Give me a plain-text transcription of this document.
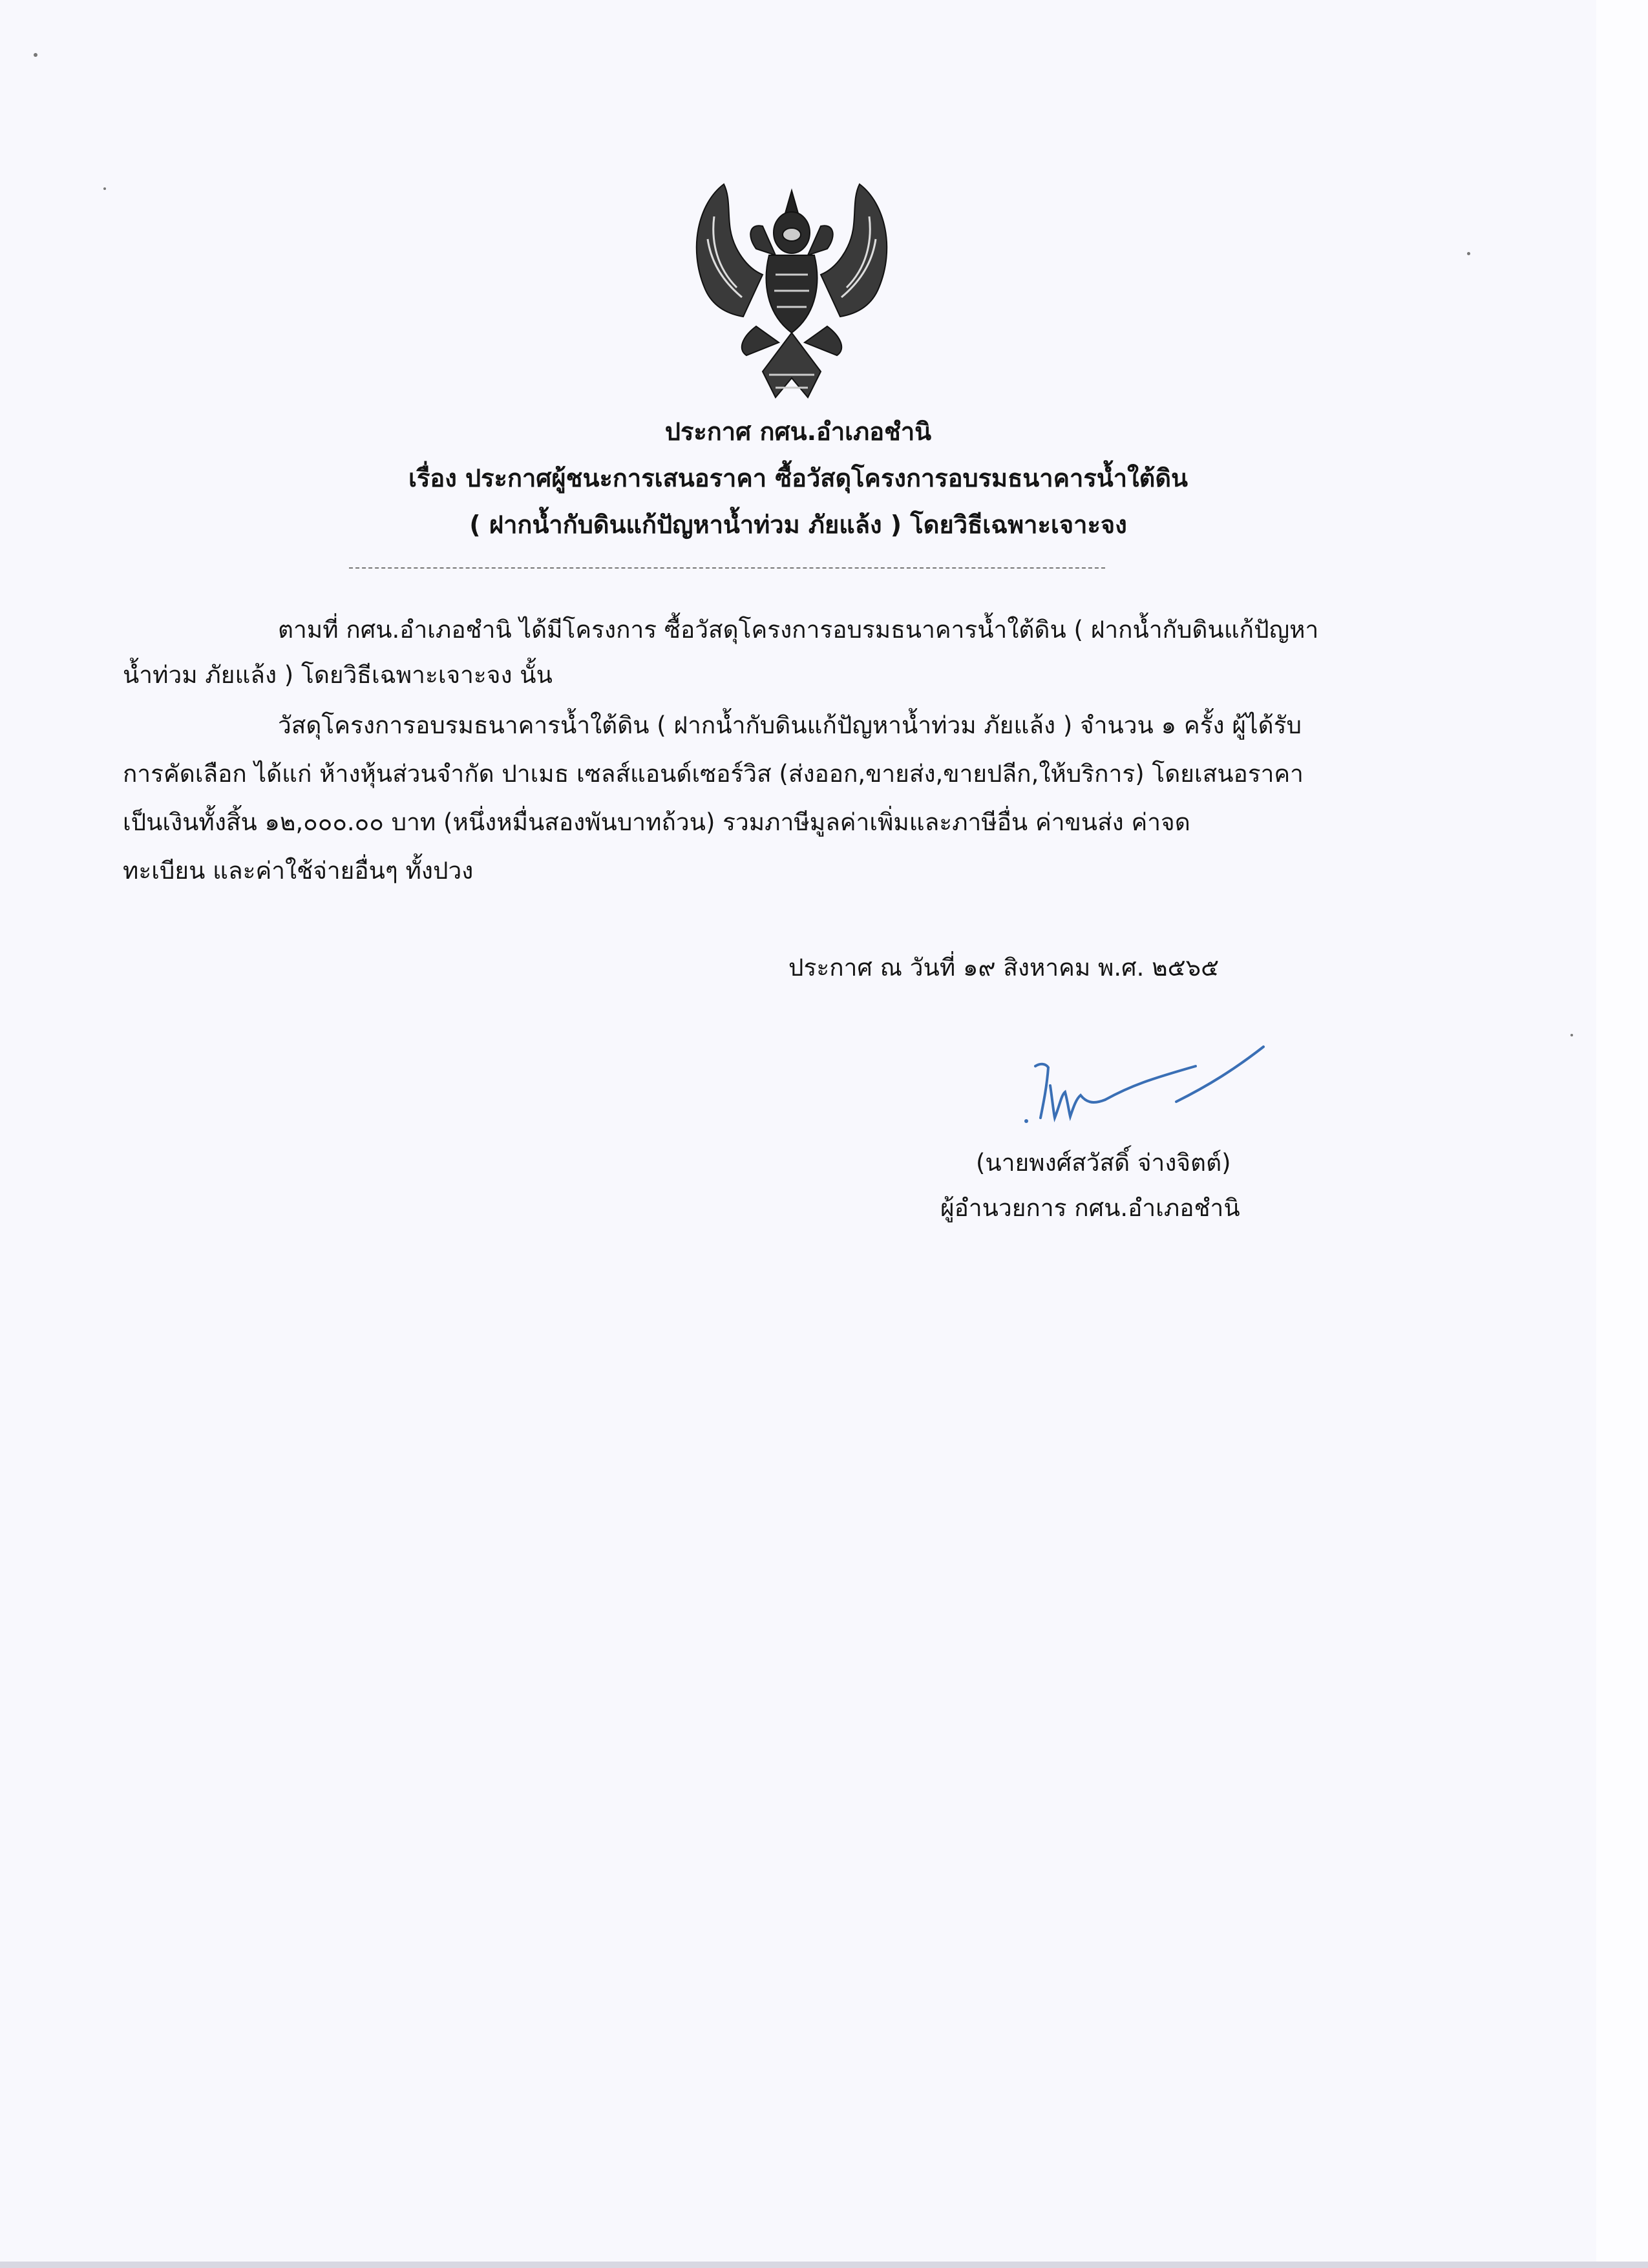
ประกาศ กศน.อำเภอชำนิ
เรื่อง ประกาศผู้ชนะการเสนอราคา ซื้อวัสดุโครงการอบรมธนาคารน้ำใต้ดิน
( ฝากน้ำกับดินแก้ปัญหาน้ำท่วม ภัยแล้ง ) โดยวิธีเฉพาะเจาะจง
ตามที่ กศน.อำเภอชำนิ ได้มีโครงการ ซื้อวัสดุโครงการอบรมธนาคารน้ำใต้ดิน ( ฝากน้ำกับดินแก้ปัญหา
น้ำท่วม ภัยแล้ง ) โดยวิธีเฉพาะเจาะจง นั้น
วัสดุโครงการอบรมธนาคารน้ำใต้ดิน ( ฝากน้ำกับดินแก้ปัญหาน้ำท่วม ภัยแล้ง ) จำนวน ๑ ครั้ง ผู้ได้รับ
การคัดเลือก ได้แก่ ห้างหุ้นส่วนจำกัด ปาเมธ เซลส์แอนด์เซอร์วิส (ส่งออก,ขายส่ง,ขายปลีก,ให้บริการ) โดยเสนอราคา
เป็นเงินทั้งสิ้น ๑๒,๐๐๐.๐๐ บาท (หนึ่งหมื่นสองพันบาทถ้วน) รวมภาษีมูลค่าเพิ่มและภาษีอื่น ค่าขนส่ง ค่าจด
ทะเบียน และค่าใช้จ่ายอื่นๆ ทั้งปวง
ประกาศ ณ วันที่ ๑๙ สิงหาคม พ.ศ. ๒๕๖๕
(นายพงศ์สวัสดิ์ จ่างจิตต์)
ผู้อำนวยการ กศน.อำเภอชำนิ
